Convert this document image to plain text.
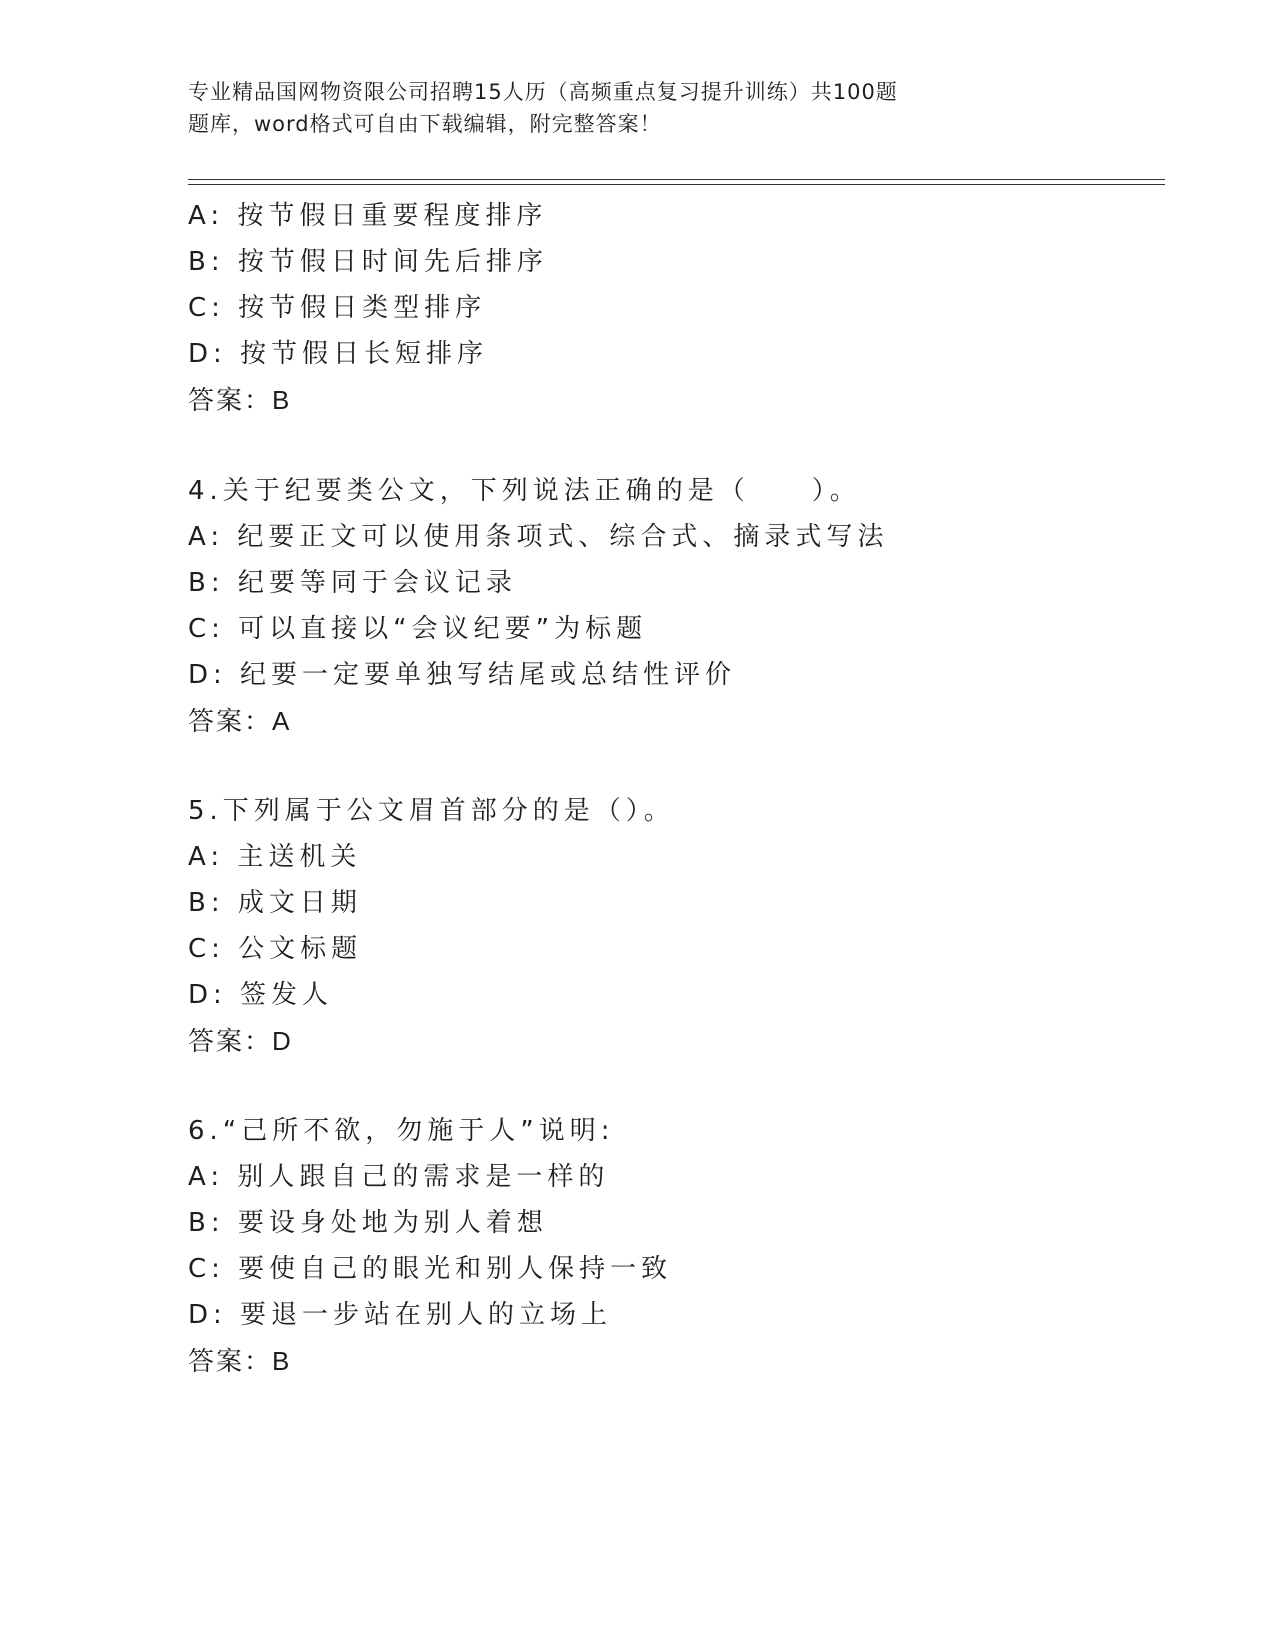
专业精品国网物资限公司招聘15人历（高频重点复习提升训练）共100题
题库，word格式可自由下载编辑，附完整答案！
A: 按节假日重要程度排序
B: 按节假日时间先后排序
C: 按节假日类型排序
D: 按节假日长短排序
答案：B
4.关于纪要类公文，下列说法正确的是（　　）。
A: 纪要正文可以使用条项式、综合式、摘录式写法
B: 纪要等同于会议记录
C: 可以直接以“会议纪要”为标题
D: 纪要一定要单独写结尾或总结性评价
答案：A
5.下列属于公文眉首部分的是（）。
A: 主送机关
B: 成文日期
C: 公文标题
D: 签发人
答案：D
6.“己所不欲，勿施于人”说明:
A: 别人跟自己的需求是一样的
B: 要设身处地为别人着想
C: 要使自己的眼光和别人保持一致
D: 要退一步站在别人的立场上
答案：B
